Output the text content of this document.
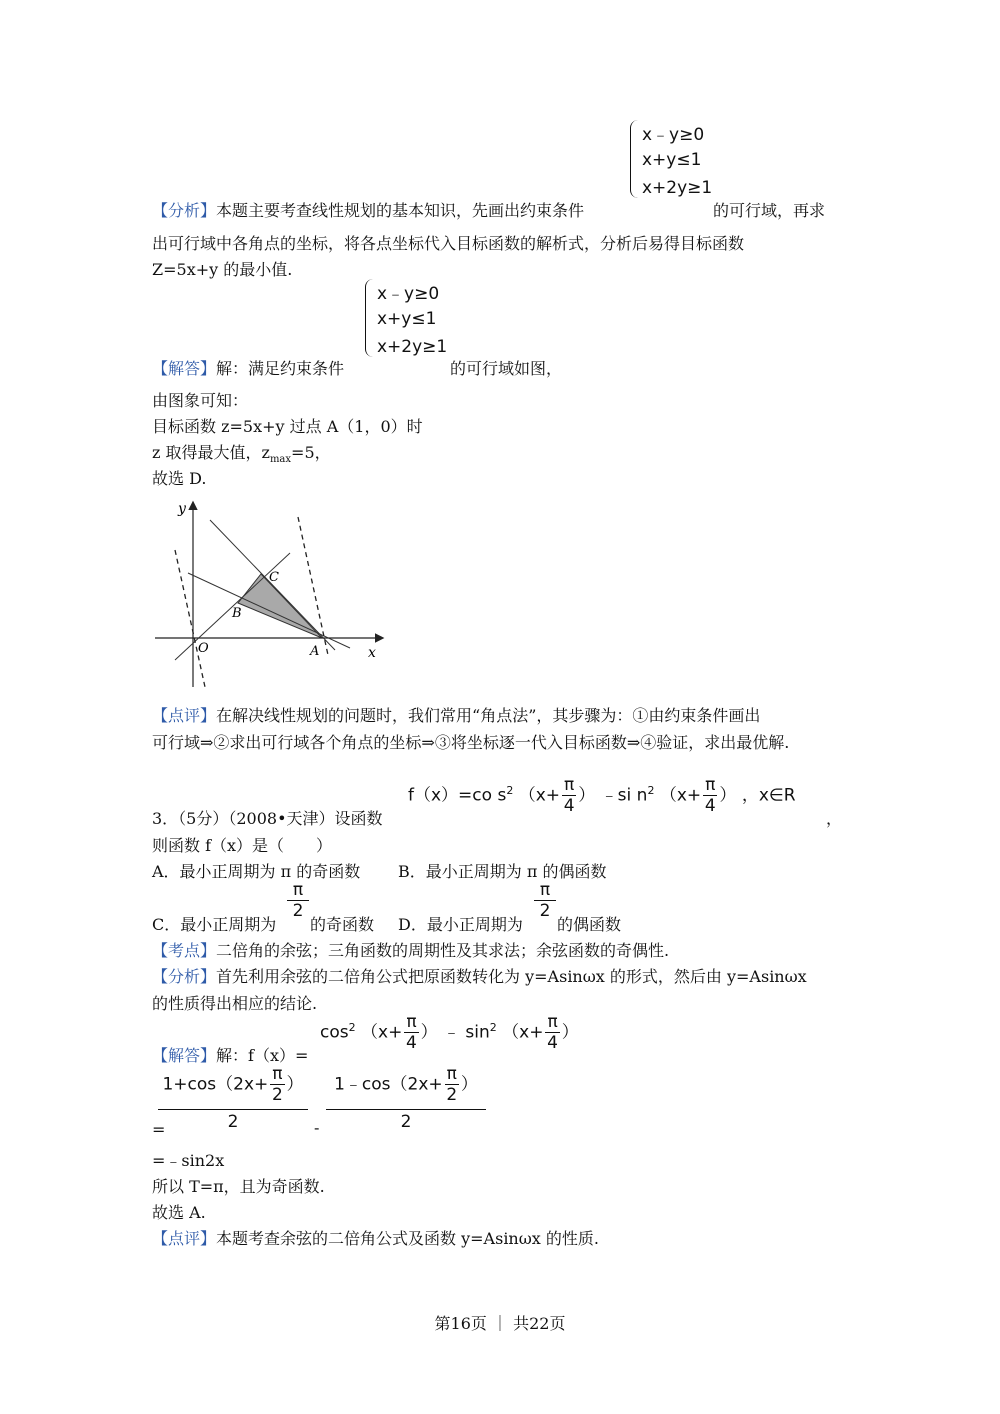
x﹣y≥0
x+y≤1
x+2y≥1
【分析】本题主要考查线性规划的基本知识，先画出约束条件	的可行域，再求
出可行域中各角点的坐标，将各点坐标代入目标函数的解析式，分析后易得目标函数
Z=5x+y 的最小值.
x﹣y≥0
x+y≤1
x+2y≥1
【解答】解：满足约束条件	的可行域如图，
由图象可知：
目标函数 z=5x+y 过点 A（1，0）时
z 取得最大值，$z_{max}=5$，
故选 D.
y
x
O	A
B
C
【点评】在解决线性规划的问题时，我们常用“角点法”，其步骤为：①由约束条件画出
可行域⇒②求出可行域各个角点的坐标⇒③将坐标逐一代入目标函数⇒④验证，求出最优解.
f（x）=co $s^2$ （$x+ \frac{\pi}{4}$ ） ﹣si $n^2$ （$x+ \frac{\pi}{4}$ ） ，x∈R
3．（5分）（2008•天津）设函数	，
则函数 f（x）是（　　）
A．最小正周期为 π 的奇函数 B．最小正周期为 π 的偶函数
C．最小正周期为
$\frac{\pi}{2}$
的奇函数 D．最小正周期为
$\frac{\pi}{2}$
的偶函数
【考点】二倍角的余弦；三角函数的周期性及其求法；余弦函数的奇偶性.
【分析】首先利用余弦的二倍角公式把原函数转化为 y=Asinωx 的形式，然后由 y=Asinωx
的性质得出相应的结论.
$\cos^2 (x+ \frac{\pi}{4}$ ） ﹣ $\sin^2 (x+ \frac{\pi}{4}$ ）
【解答】解：f（x）=
$1+\cos(2x+ \frac{\pi}{2}$ ）
2
1﹣cos（2x+ $\frac{\pi}{2}$ ）
2
=	-
=﹣sin2x
所以 T=π，且为奇函数.
故选 A.
【点评】本题考查余弦的二倍角公式及函数 y=Asinωx 的性质.
第16页 ｜ 共22页
